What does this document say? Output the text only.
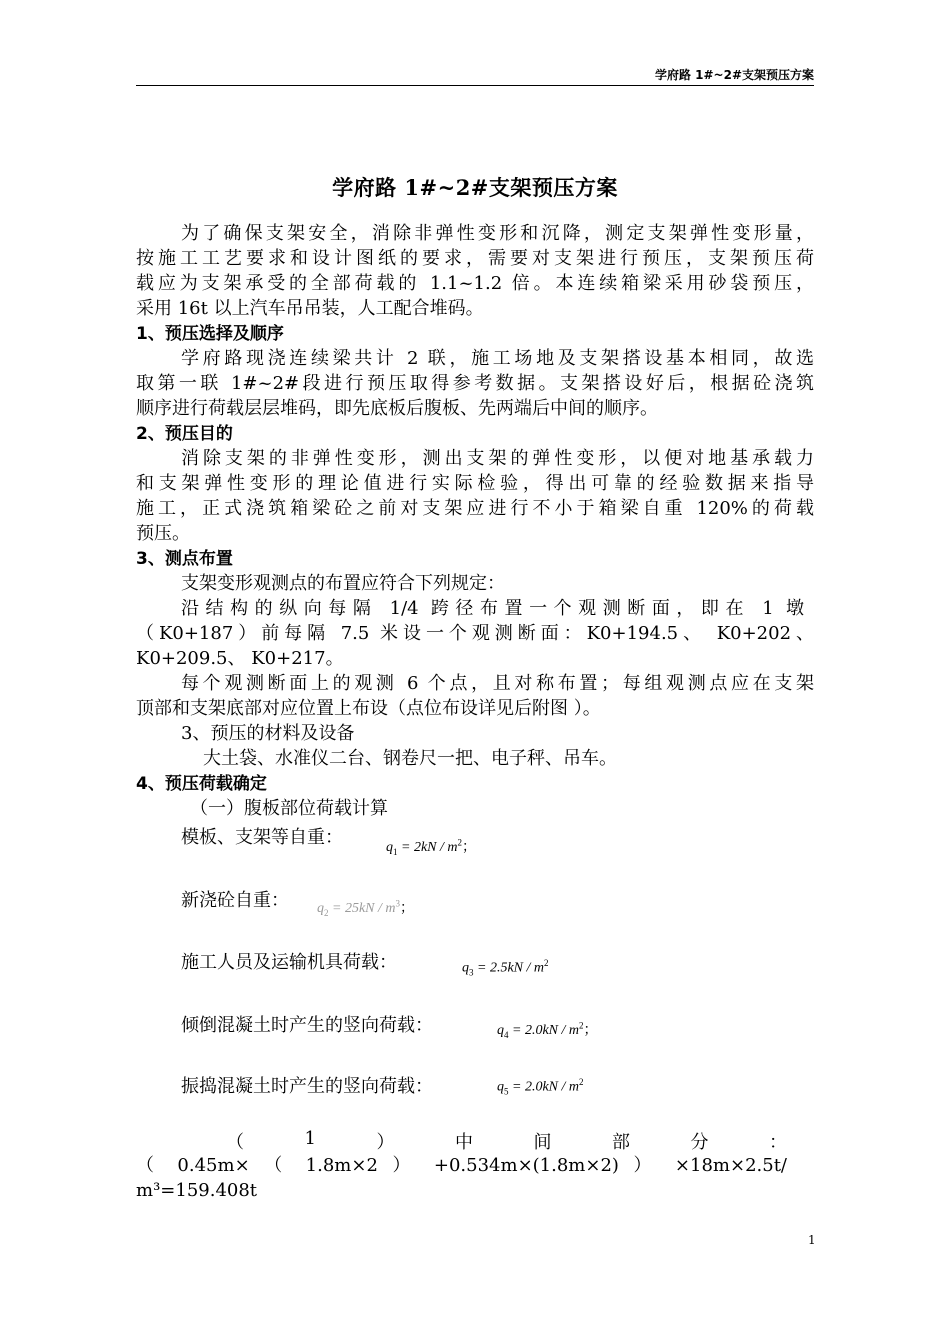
学府路 1#~2#支架预压方案
学府路 1#~2#支架预压方案
为了确保支架安全，消除非弹性变形和沉降，测定支架弹性变形量，
按施工工艺要求和设计图纸的要求，需要对支架进行预压，支架预压荷
载应为支架承受的全部荷载的 1.1~1.2 倍。本连续箱梁采用砂袋预压，
采用 16t 以上汽车吊吊装，人工配合堆码。
1、预压选择及顺序
学府路现浇连续梁共计 2 联，施工场地及支架搭设基本相同，故选
取第一联 1#~2#段进行预压取得参考数据。支架搭设好后，根据砼浇筑
顺序进行荷载层层堆码，即先底板后腹板、先两端后中间的顺序。
2、预压目的
消除支架的非弹性变形，测出支架的弹性变形，以便对地基承载力
和支架弹性变形的理论值进行实际检验，得出可靠的经验数据来指导
施工，正式浇筑箱梁砼之前对支架应进行不小于箱梁自重 120%的荷载
预压。
3、测点布置
支架变形观测点的布置应符合下列规定：
沿结构的纵向每隔 1/4 跨径布置一个观测断面，即在 1 墩
（K0+187）前每隔 7.5 米设一个观测断面：K0+194.5、 K0+202、
K0+209.5、 K0+217。
每个观测断面上的观测 6 个点，且对称布置；每组观测点应在支架
顶部和支架底部对应位置上布设（点位布设详见后附图 ）。
3、预压的材料及设备
大土袋、水准仪二台、钢卷尺一把、电子秤、吊车。
4、预压荷载确定
（一）腹板部位荷载计算
模板、支架等自重：	$q_1 = 2kN / m^2$；
新浇砼自重： $q_2 = 25kN / m^3$；
施工人员及运输机具荷载：	$q_3 = 2.5kN / m^2$
倾倒混凝土时产生的竖向荷载：	$q_4 = 2.0kN / m^2$；
振捣混凝土时产生的竖向荷载：	$q_5 = 2.0kN / m^2$
（	1	）	中	间	部	分	：
（ 0.45m× （ 1.8m×2 ） +0.534m×(1.8m×2) ） ×18m×2.5t/
m³=159.408t
1
